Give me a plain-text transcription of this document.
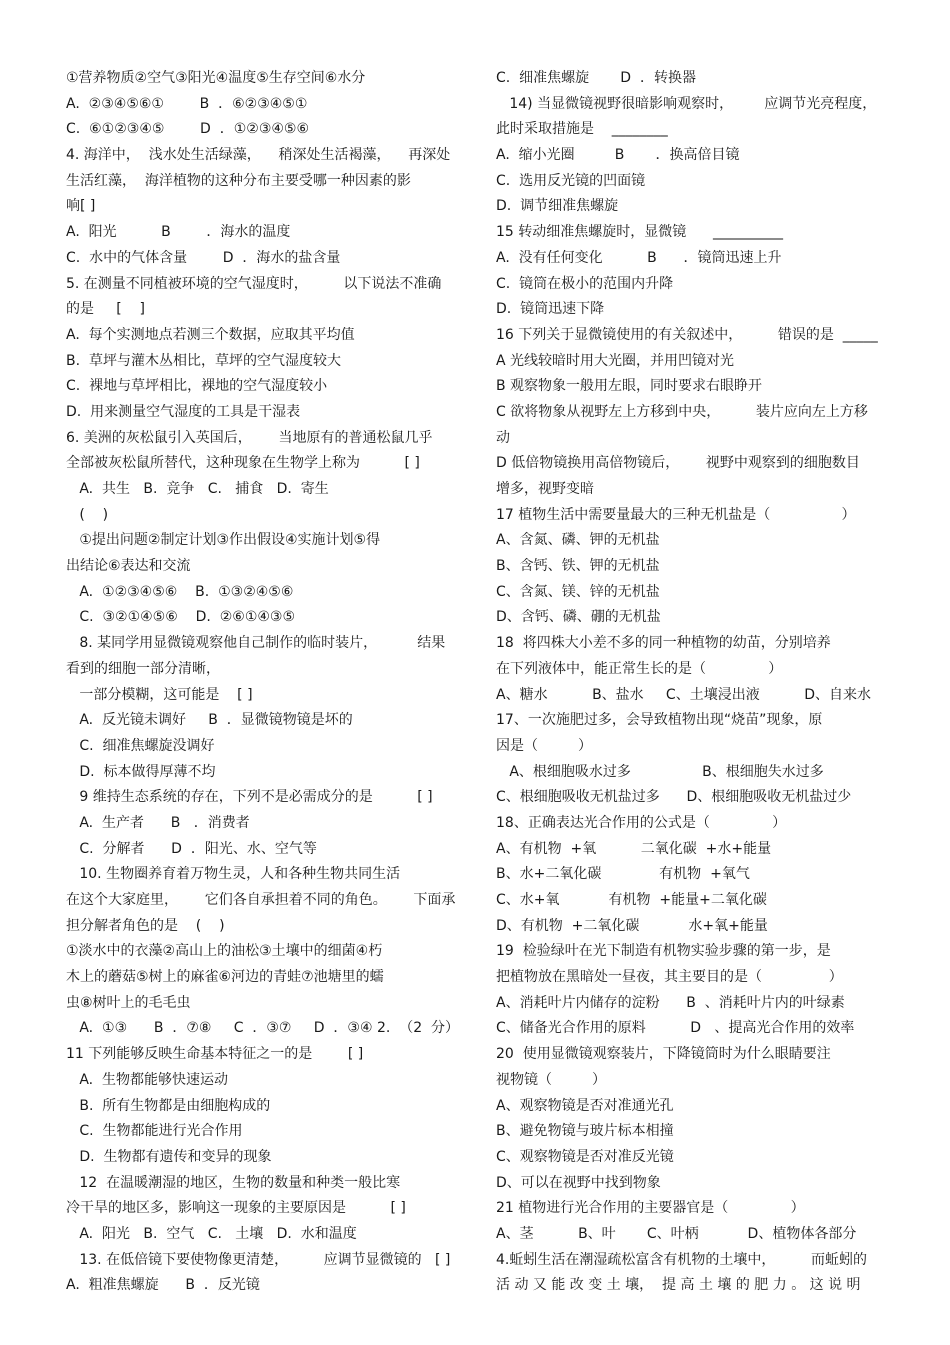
①营养物质②空气③阳光④温度⑤生存空间⑥水分
A.  ②③④⑤⑥①        B  ．⑥②③④⑤①
C.  ⑥①②③④⑤        D  ．①②③④⑤⑥
4. 海洋中，  浅水处生活绿藻，    稍深处生活褐藻，    再深处
生活红藻，  海洋植物的这种分布主要受哪一种因素的影
响[ ]
A.  阳光          B        ．海水的温度
C.  水中的气体含量        D  ．海水的盐含量
5. 在测量不同植被环境的空气湿度时，        以下说法不准确
的是     [    ]
A.  每个实测地点若测三个数据，应取其平均值
B.  草坪与灌木丛相比，草坪的空气湿度较大
C.  裸地与草坪相比，裸地的空气湿度较小
D.  用来测量空气湿度的工具是干湿表
6. 美洲的灰松鼠引入英国后，      当地原有的普通松鼠几乎
全部被灰松鼠所替代，这种现象在生物学上称为          [ ]
A.  共生   B.  竞争   C.   捕食   D.  寄生
(    )
①提出问题②制定计划③作出假设④实施计划⑤得
出结论⑥表达和交流
A.  ①②③④⑤⑥    B.  ①③②④⑤⑥
C.  ③②①④⑤⑥    D.  ②⑥①④③⑤
8. 某同学用显微镜观察他自己制作的临时装片，         结果
看到的细胞一部分清晰，
一部分模糊，这可能是    [ ]
A.  反光镜未调好     B  ．显微镜物镜是坏的
C.  细准焦螺旋没调好
D.  标本做得厚薄不均
9 维持生态系统的存在，下列不是必需成分的是          [ ]
A.  生产者      B   ．消费者
C.  分解者      D  ．阳光、水、空气等
10. 生物圈养育着万物生灵，人和各种生物共同生活
在这个大家庭里，      它们各自承担着不同的角色。      下面承
担分解者角色的是    (    )
①淡水中的衣藻②高山上的油松③土壤中的细菌④朽
木上的蘑菇⑤树上的麻雀⑥河边的青蛙⑦池塘里的蠕
虫⑧树叶上的毛毛虫
A.  ①③      B  ．⑦⑧     C  ．③⑦     D  ．③④ 2.  （2  分）
11 下列能够反映生命基本特征之一的是        [ ]
A.  生物都能够快速运动
B.  所有生物都是由细胞构成的
C.  生物都能进行光合作用
D.  生物都有遗传和变异的现象
12  在温暖潮湿的地区，生物的数量和种类一般比寒
冷干旱的地区多，影响这一现象的主要原因是          [ ]
A.  阳光   B.  空气   C.   土壤   D.  水和温度
13. 在低倍镜下要使物像更清楚，        应调节显微镜的   [ ]
A.  粗准焦螺旋      B  ．反光镜
C.  细准焦螺旋       D  ．转换器
14) 当显微镜视野很暗影响观察时，       应调节光亮程度，
此时采取措施是    ________
A.  缩小光圈         B       ．换高倍目镜
C.  选用反光镜的凹面镜
D.  调节细准焦螺旋
15 转动细准焦螺旋时，显微镜      __________
A.  没有任何变化          B      ．镜筒迅速上升
C.  镜筒在极小的范围内升降
D.  镜筒迅速下降
16 下列关于显微镜使用的有关叙述中，        错误的是  _____
A 光线较暗时用大光圈，并用凹镜对光
B 观察物象一般用左眼，同时要求右眼睁开
C 欲将物象从视野左上方移到中央，        装片应向左上方移
动
D 低倍物镜换用高倍物镜后，      视野中观察到的细胞数目
增多，视野变暗
17 植物生活中需要量最大的三种无机盐是（                ）
A、含氮、磷、钾的无机盐
B、含钙、铁、钾的无机盐
C、含氮、镁、锌的无机盐
D、含钙、磷、硼的无机盐
18  将四株大小差不多的同一种植物的幼苗，分别培养
在下列液体中，能正常生长的是（              ）
A、糖水          B、盐水     C、土壤浸出液          D、自来水
17、一次施肥过多，会导致植物出现“烧苗”现象，原
因是（         ）
A、根细胞吸水过多                B、根细胞失水过多
C、根细胞吸收无机盐过多      D、根细胞吸收无机盐过少
18、正确表达光合作用的公式是（              ）
A、有机物  +氧          二氧化碳  +水+能量
B、水+二氧化碳             有机物  +氧气
C、水+氧           有机物  +能量+二氧化碳
D、有机物  +二氧化碳           水+氧+能量
19  检验绿叶在光下制造有机物实验步骤的第一步，是
把植物放在黑暗处一昼夜，其主要目的是（               ）
A、消耗叶片内储存的淀粉      B  、消耗叶片内的叶绿素
C、储备光合作用的原料          D   、提高光合作用的效率
20  使用显微镜观察装片，下降镜筒时为什么眼睛要注
视物镜（         ）
A、观察物镜是否对准通光孔
B、避免物镜与玻片标本相撞
C、观察物镜是否对准反光镜
D、可以在视野中找到物象
21 植物进行光合作用的主要器官是（              ）
A、茎          B、叶       C、叶柄           D、植物体各部分
4.蚯蚓生活在潮湿疏松富含有机物的土壤中，        而蚯蚓的
活 动 又 能 改 变 土 壤，  提 高 土 壤 的 肥 力 。 这 说 明
